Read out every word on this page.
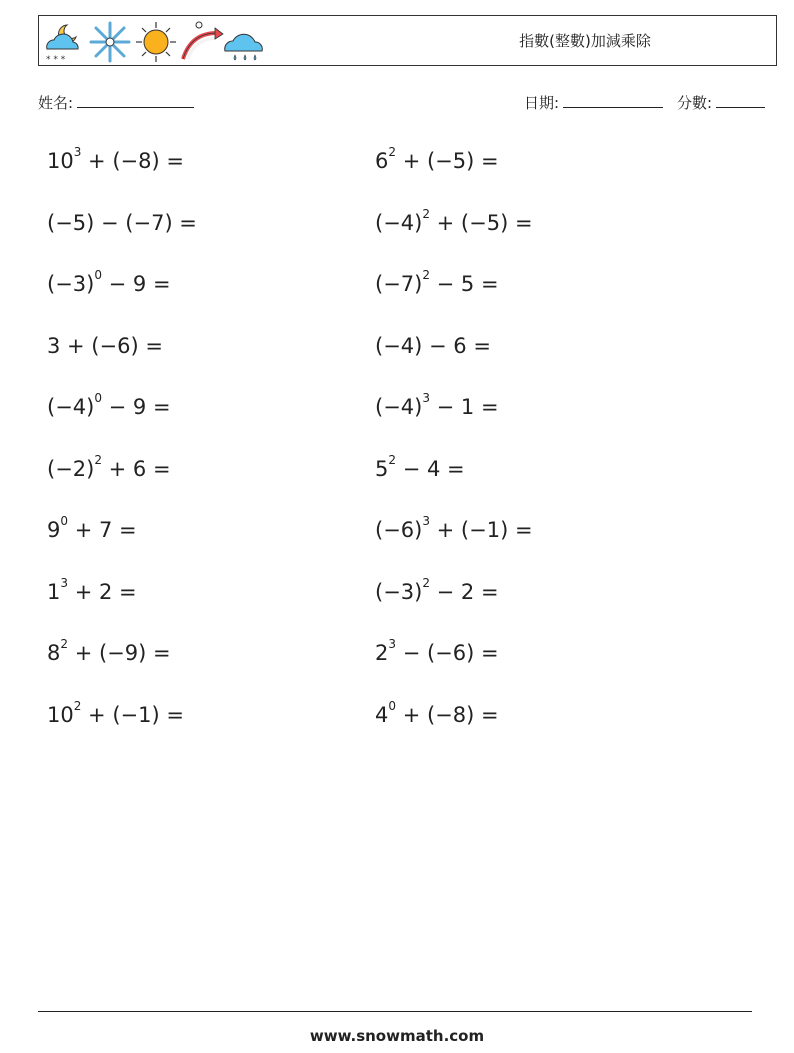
* * *
指數(整數)加減乘除
姓名:	日期:	分數:
$10^3 + (-8)$ =
(−5) − (−7) =
$(-3)^0 - 9$ =
3 + (−6) =
$(-4)^0 - 9$ =
$(-2)^2 + 6$ =
$9^0 + 7$ =
$1^3 + 2$ =
$8^2 + (-9)$ =
$10^2 + (-1)$ =
$6^2 + (-5)$ =
$(-4)^2 + (-5)$ =
$(-7)^2 - 5$ =
(−4) − 6 =
$(-4)^3 - 1$ =
$5^2 - 4$ =
$(-6)^3 + (-1)$ =
$(-3)^2 - 2$ =
$2^3 - (-6)$ =
$4^0 + (-8)$ =
www.snowmath.com
